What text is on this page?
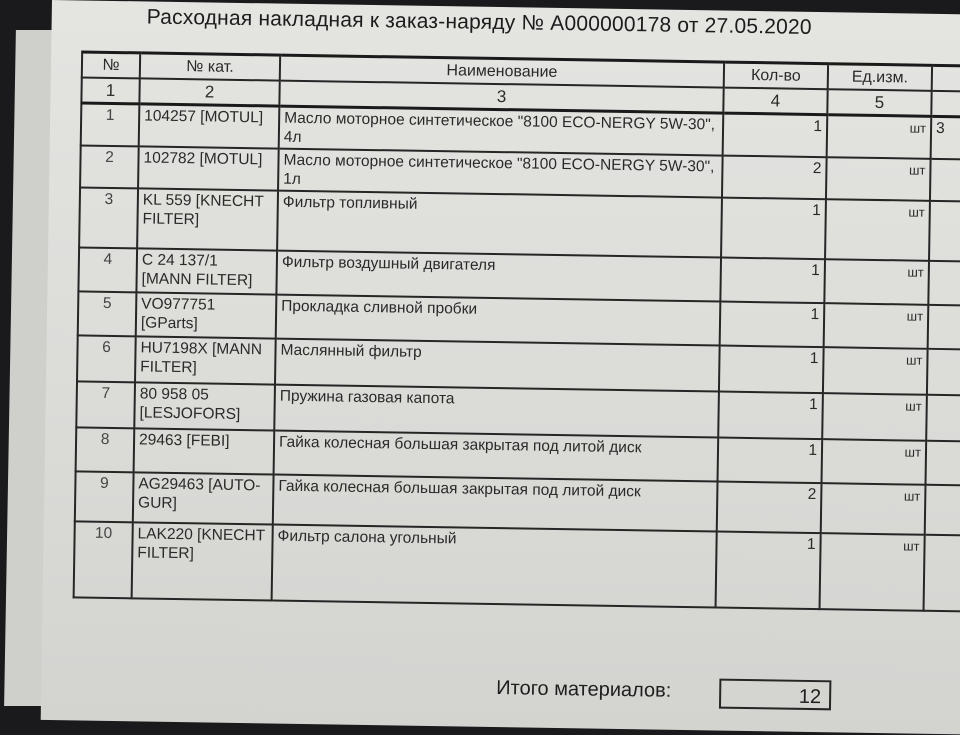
Расходная накладная к заказ-наряду № А000000178 от 27.05.2020
№	№ кат.	Наименование	Кол-во	Ед.изм.	
1	2	3	4	5	
1	104257 [MOTUL]	Масло моторное синтетическое "8100 ECO-NERGY 5W-30", 4л	1	шт	3
2	102782 [MOTUL]	Масло моторное синтетическое "8100 ECO-NERGY 5W-30", 1л	2	шт	
3	KL 559 [KNECHT FILTER]	Фильтр топливный	1	шт	
4	C 24 137/1 [MANN FILTER]	Фильтр воздушный двигателя	1	шт	
5	VO977751 [GParts]	Прокладка сливной пробки	1	шт	
6	HU7198X [MANN FILTER]	Маслянный фильтр	1	шт	
7	80 958 05 [LESJOFORS]	Пружина газовая капота	1	шт	
8	29463 [FEBI]	Гайка колесная большая закрытая под литой диск	1	шт	
9	AG29463 [AUTO-GUR]	Гайка колесная большая закрытая под литой диск	2	шт	
10	LAK220 [KNECHT FILTER]	Фильтр салона угольный	1	шт	
Итого материалов:	12
